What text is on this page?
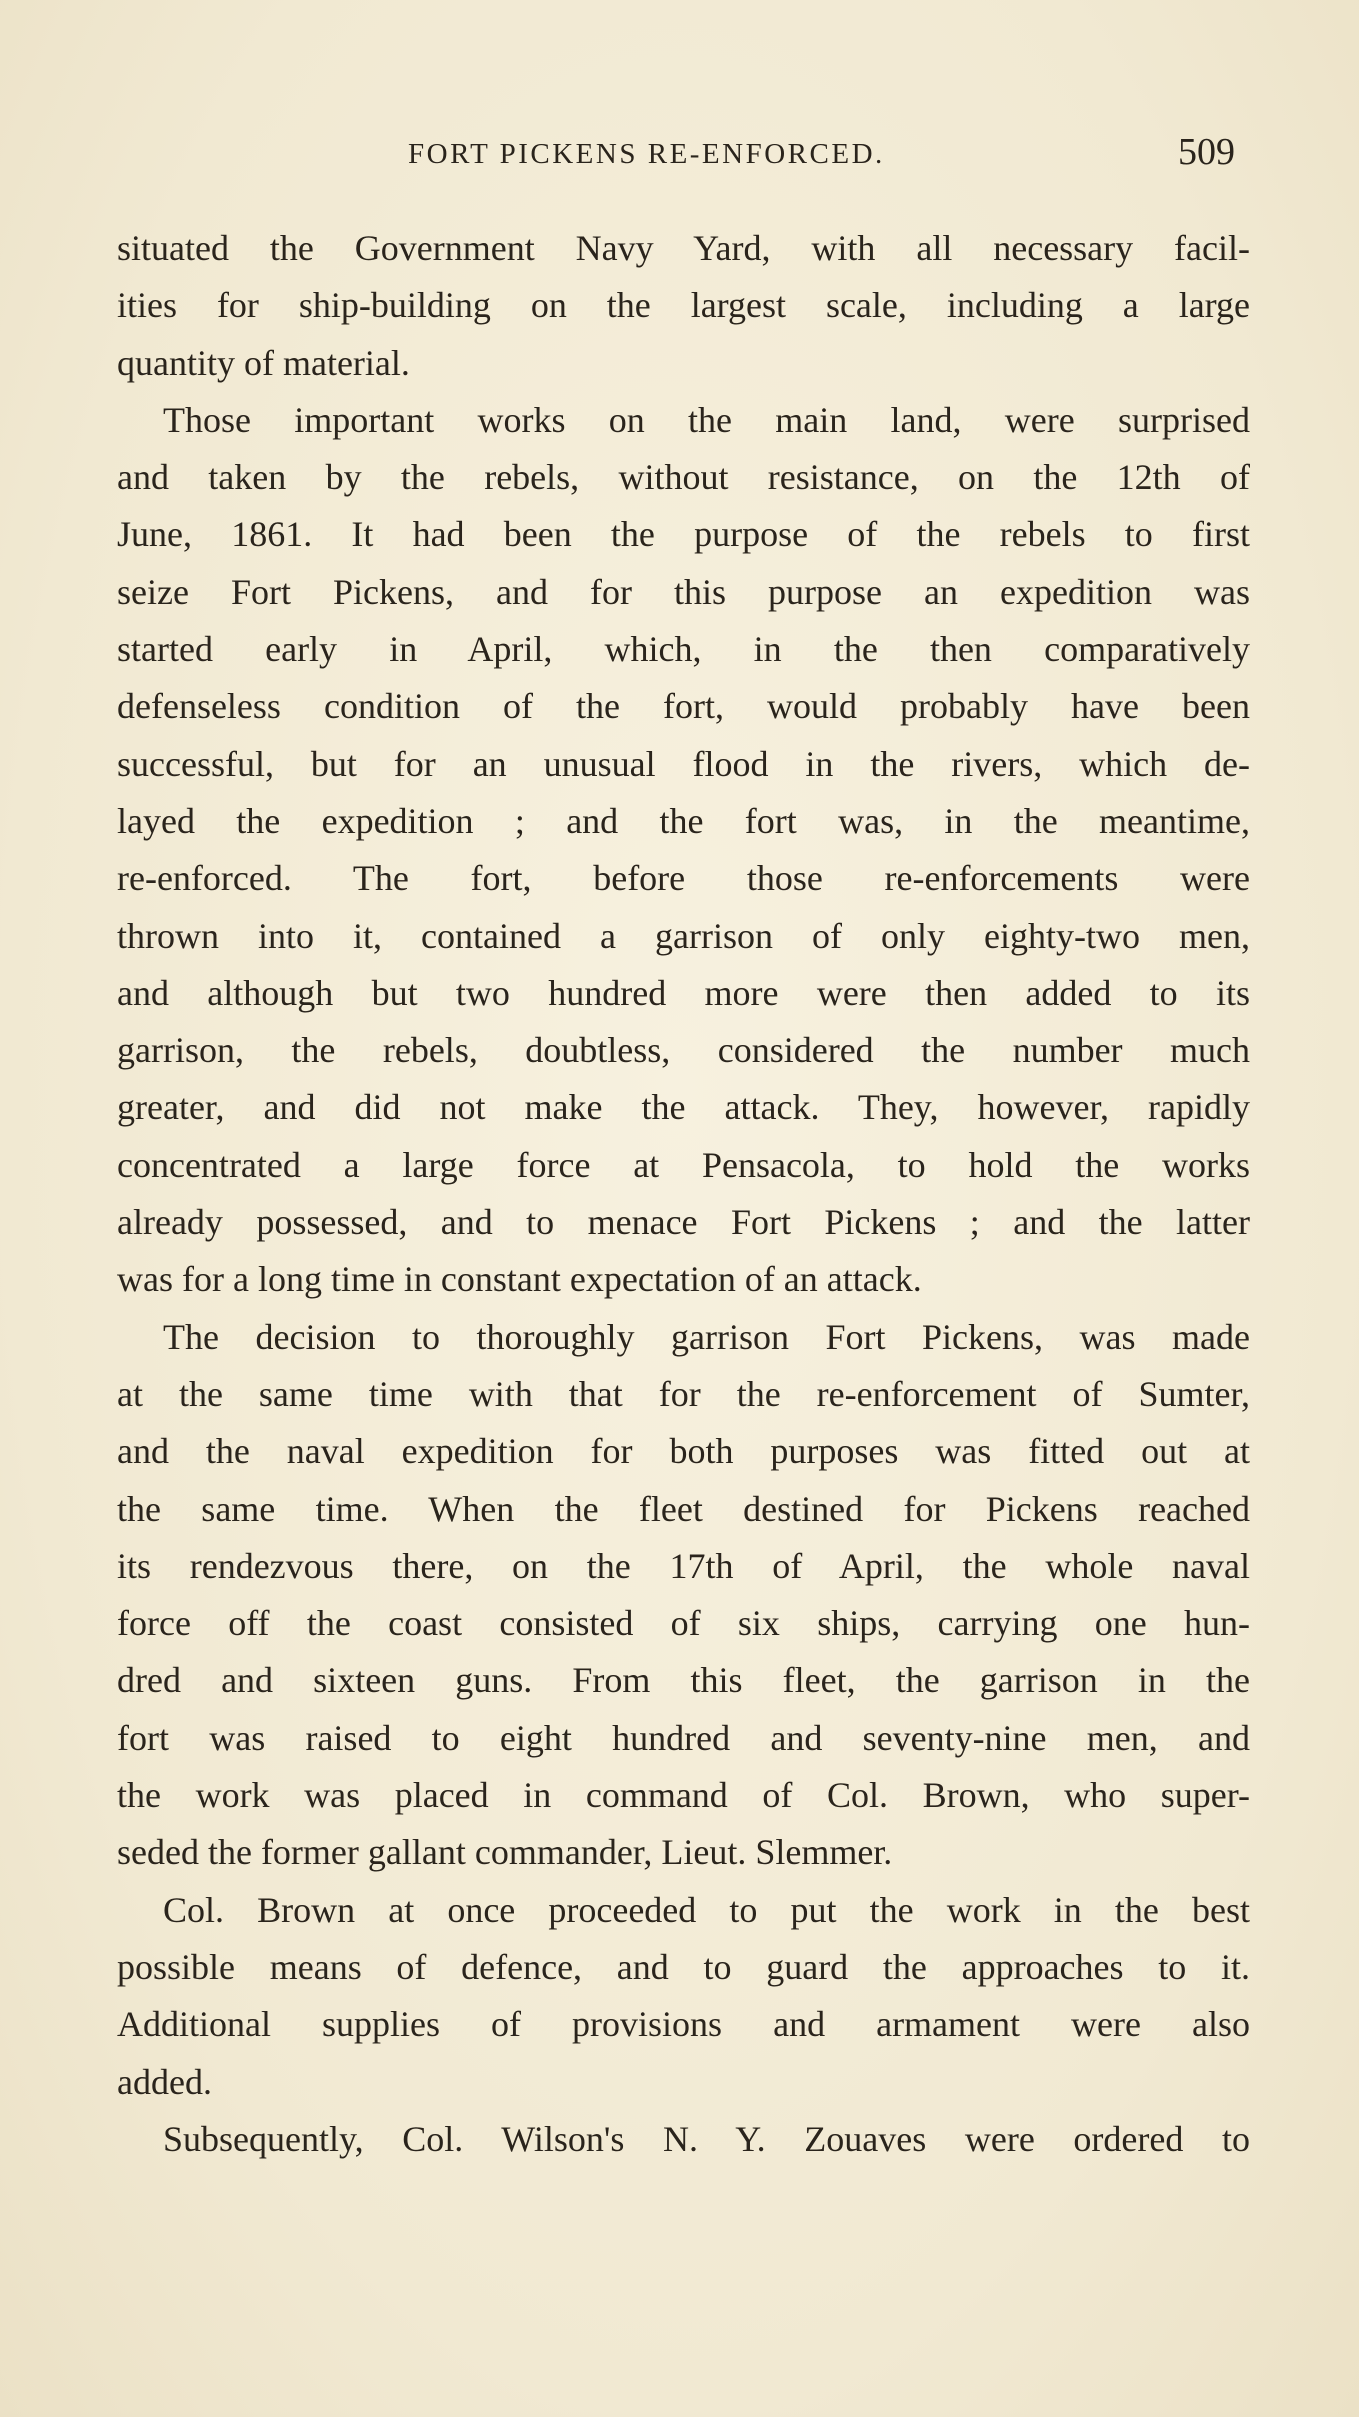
FORT PICKENS RE-ENFORCED.	509
situated the Government Navy Yard, with all necessary facil-
ities for ship-building on the largest scale, including a large
quantity of material.
Those important works on the main land, were surprised
and taken by the rebels, without resistance, on the 12th of
June, 1861. It had been the purpose of the rebels to first
seize Fort Pickens, and for this purpose an expedition was
started early in April, which, in the then comparatively
defenseless condition of the fort, would probably have been
successful, but for an unusual flood in the rivers, which de-
layed the expedition ; and the fort was, in the meantime,
re-enforced. The fort, before those re-enforcements were
thrown into it, contained a garrison of only eighty-two men,
and although but two hundred more were then added to its
garrison, the rebels, doubtless, considered the number much
greater, and did not make the attack. They, however, rapidly
concentrated a large force at Pensacola, to hold the works
already possessed, and to menace Fort Pickens ; and the latter
was for a long time in constant expectation of an attack.
The decision to thoroughly garrison Fort Pickens, was made
at the same time with that for the re-enforcement of Sumter,
and the naval expedition for both purposes was fitted out at
the same time. When the fleet destined for Pickens reached
its rendezvous there, on the 17th of April, the whole naval
force off the coast consisted of six ships, carrying one hun-
dred and sixteen guns. From this fleet, the garrison in the
fort was raised to eight hundred and seventy-nine men, and
the work was placed in command of Col. Brown, who super-
seded the former gallant commander, Lieut. Slemmer.
Col. Brown at once proceeded to put the work in the best
possible means of defence, and to guard the approaches to it.
Additional supplies of provisions and armament were also
added.
Subsequently, Col. Wilson's N. Y. Zouaves were ordered to
